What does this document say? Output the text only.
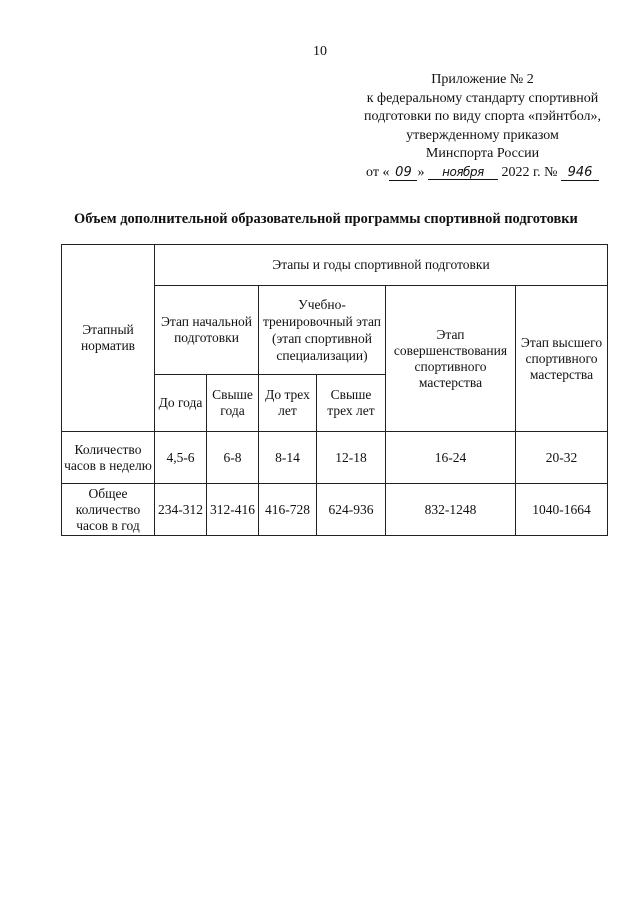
10
Приложение № 2
к федеральному стандарту спортивной
подготовки по виду спорта «пэйнтбол»,
утвержденному приказом
Минспорта России
от « 09 » ноября 2022 г. № 946
Объем дополнительной образовательной программы спортивной подготовки
Этапный норматив	Этапы и годы спортивной подготовки					
	Этап начальной подготовки		Учебно-тренировочный этап (этап спортивной специализации)		Этап совершенствования спортивного мастерства	Этап высшего спортивного мастерства
	До года	Свыше года	До трех лет	Свыше трех лет		
Количество часов в неделю	4,5-6	6-8	8-14	12-18	16-24	20-32
Общее количество часов в год	234-312	312-416	416-728	624-936	832-1248	1040-1664
